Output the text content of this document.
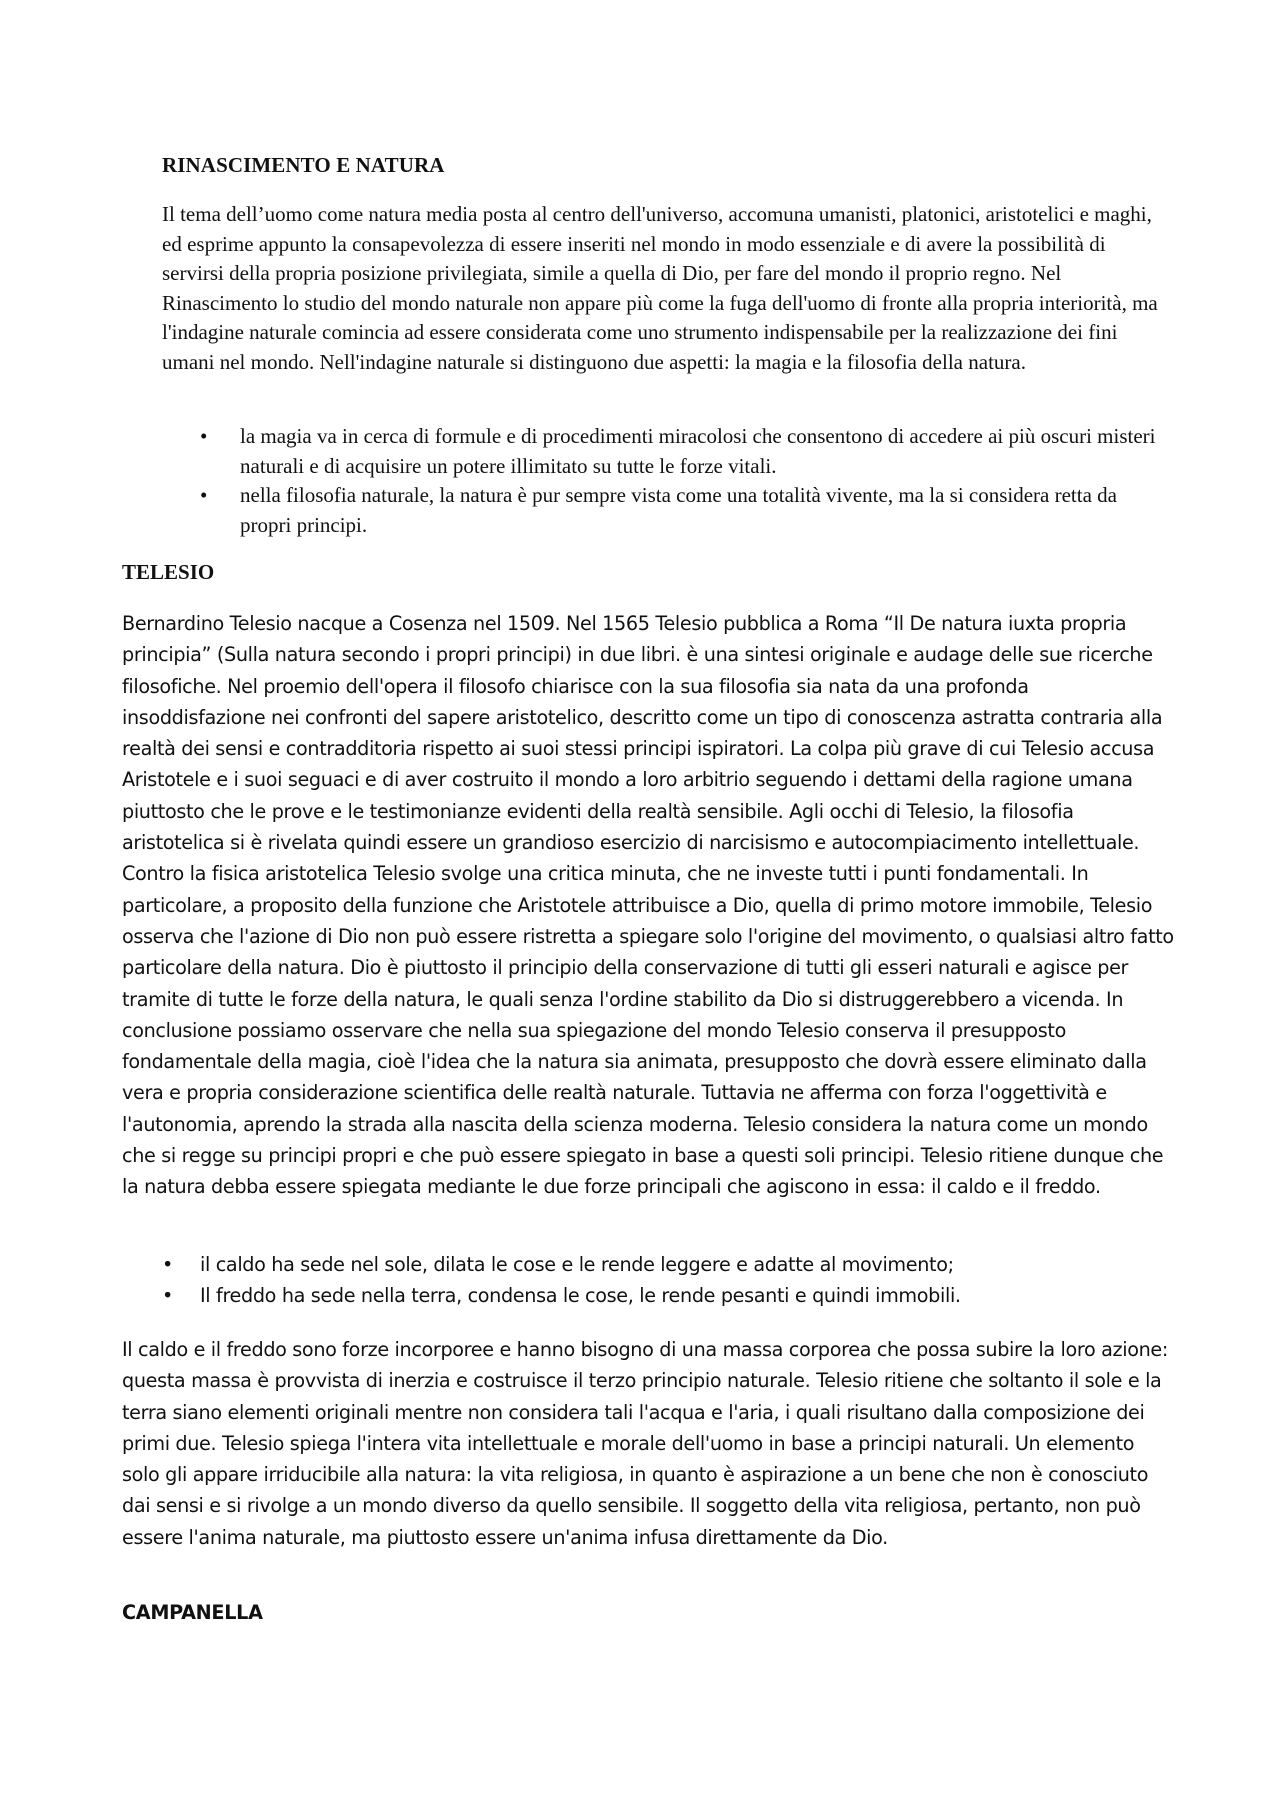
RINASCIMENTO E NATURA

Il tema dell’uomo come natura media posta al centro dell'universo, accomuna umanisti, platonici, aristotelici e maghi, ed esprime appunto la consapevolezza di essere inseriti nel mondo in modo essenziale e di avere la possibilità di servirsi della propria posizione privilegiata, simile a quella di Dio, per fare del mondo il proprio regno. Nel Rinascimento lo studio del mondo naturale non appare più come la fuga dell'uomo di fronte alla propria interiorità, ma l'indagine naturale comincia ad essere considerata come uno strumento indispensabile per la realizzazione dei fini umani nel mondo. Nell'indagine naturale si distinguono due aspetti: la magia e la filosofia della natura.

• la magia va in cerca di formule e di procedimenti miracolosi che consentono di accedere ai più oscuri misteri naturali e di acquisire un potere illimitato su tutte le forze vitali.
• nella filosofia naturale, la natura è pur sempre vista come una totalità vivente, ma la si considera retta da propri principi.
TELESIO

Bernardino Telesio nacque a Cosenza nel 1509. Nel 1565 Telesio pubblica a Roma “Il De natura iuxta propria principia” (Sulla natura secondo i propri principi) in due libri. è una sintesi originale e audage delle sue ricerche filosofiche. Nel proemio dell'opera il filosofo chiarisce con la sua filosofia sia nata da una profonda insoddisfazione nei confronti del sapere aristotelico, descritto come un tipo di conoscenza astratta contraria alla realtà dei sensi e contradditoria rispetto ai suoi stessi principi ispiratori. La colpa più grave di cui Telesio accusa Aristotele e i suoi seguaci e di aver costruito il mondo a loro arbitrio seguendo i dettami della ragione umana piuttosto che le prove e le testimonianze evidenti della realtà sensibile. Agli occhi di Telesio, la filosofia aristotelica si è rivelata quindi essere un grandioso esercizio di narcisismo e autocompiacimento intellettuale. Contro la fisica aristotelica Telesio svolge una critica minuta, che ne investe tutti i punti fondamentali. In particolare, a proposito della funzione che Aristotele attribuisce a Dio, quella di primo motore immobile, Telesio osserva che l'azione di Dio non può essere ristretta a spiegare solo l'origine del movimento, o qualsiasi altro fatto particolare della natura. Dio è piuttosto il principio della conservazione di tutti gli esseri naturali e agisce per tramite di tutte le forze della natura, le quali senza l'ordine stabilito da Dio si distruggerebbero a vicenda. In conclusione possiamo osservare che nella sua spiegazione del mondo Telesio conserva il presupposto fondamentale della magia, cioè l'idea che la natura sia animata, presupposto che dovrà essere eliminato dalla vera e propria considerazione scientifica delle realtà naturale. Tuttavia ne afferma con forza l'oggettività e l'autonomia, aprendo la strada alla nascita della scienza moderna. Telesio considera la natura come un mondo che si regge su principi propri e che può essere spiegato in base a questi soli principi. Telesio ritiene dunque che la natura debba essere spiegata mediante le due forze principali che agiscono in essa: il caldo e il freddo.

• il caldo ha sede nel sole, dilata le cose e le rende leggere e adatte al movimento;
• Il freddo ha sede nella terra, condensa le cose, le rende pesanti e quindi immobili.

Il caldo e il freddo sono forze incorporee e hanno bisogno di una massa corporea che possa subire la loro azione: questa massa è provvista di inerzia e costruisce il terzo principio naturale. Telesio ritiene che soltanto il sole e la terra siano elementi originali mentre non considera tali l'acqua e l'aria, i quali risultano dalla composizione dei primi due. Telesio spiega l'intera vita intellettuale e morale dell'uomo in base a principi naturali. Un elemento solo gli appare irriducibile alla natura: la vita religiosa, in quanto è aspirazione a un bene che non è conosciuto dai sensi e si rivolge a un mondo diverso da quello sensibile. Il soggetto della vita religiosa, pertanto, non può essere l'anima naturale, ma piuttosto essere un'anima infusa direttamente da Dio.

CAMPANELLA
